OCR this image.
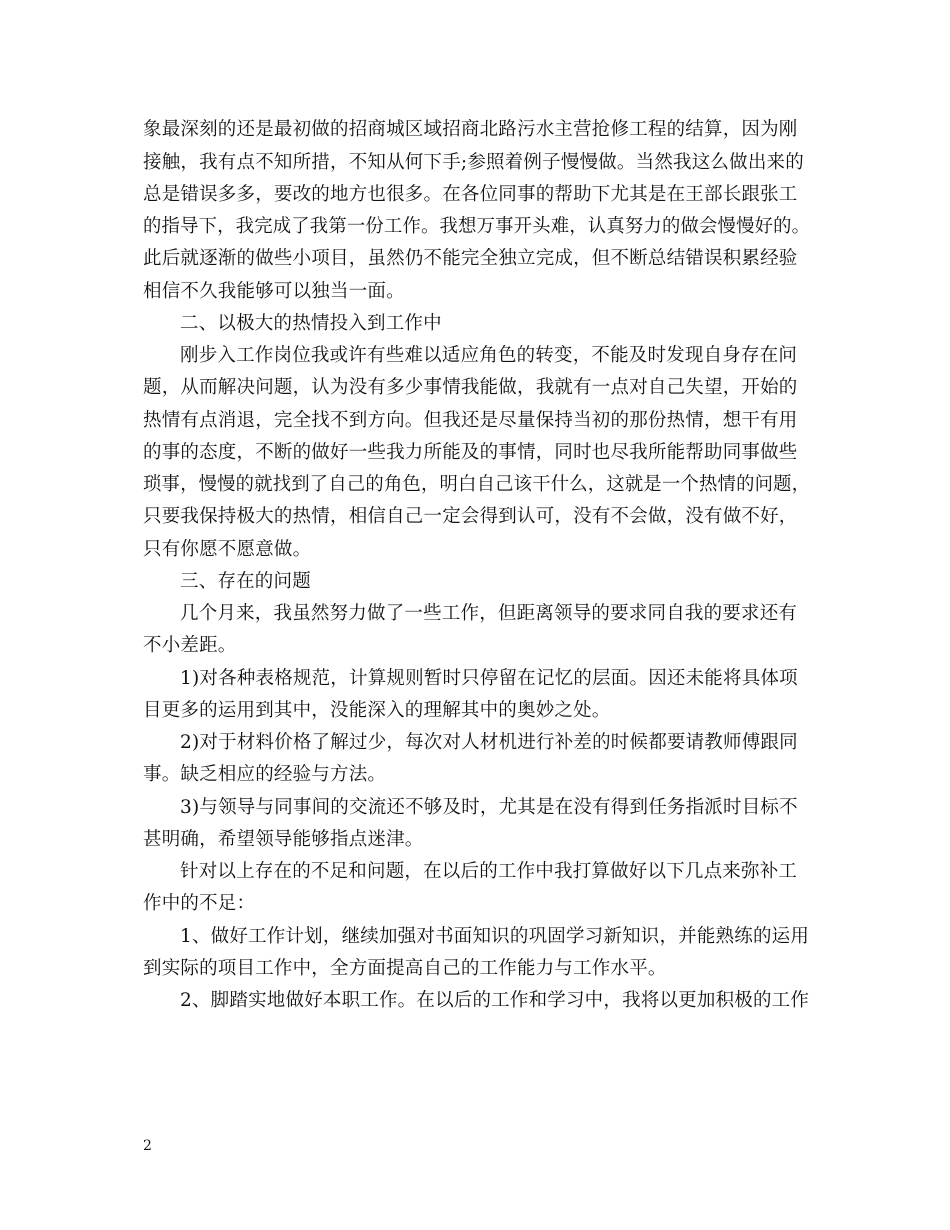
象最深刻的还是最初做的招商城区域招商北路污水主营抢修工程的结算，因为刚
接触，我有点不知所措，不知从何下手;参照着例子慢慢做。当然我这么做出来的
总是错误多多，要改的地方也很多。在各位同事的帮助下尤其是在王部长跟张工
的指导下，我完成了我第一份工作。我想万事开头难，认真努力的做会慢慢好的。
此后就逐渐的做些小项目，虽然仍不能完全独立完成，但不断总结错误积累经验
相信不久我能够可以独当一面。
二、以极大的热情投入到工作中
刚步入工作岗位我或许有些难以适应角色的转变，不能及时发现自身存在问
题，从而解决问题，认为没有多少事情我能做，我就有一点对自己失望，开始的
热情有点消退，完全找不到方向。但我还是尽量保持当初的那份热情，想干有用
的事的态度，不断的做好一些我力所能及的事情，同时也尽我所能帮助同事做些
琐事，慢慢的就找到了自己的角色，明白自己该干什么，这就是一个热情的问题，
只要我保持极大的热情，相信自己一定会得到认可，没有不会做，没有做不好，
只有你愿不愿意做。
三、存在的问题
几个月来，我虽然努力做了一些工作，但距离领导的要求同自我的要求还有
不小差距。
1)对各种表格规范，计算规则暂时只停留在记忆的层面。因还未能将具体项
目更多的运用到其中，没能深入的理解其中的奥妙之处。
2)对于材料价格了解过少，每次对人材机进行补差的时候都要请教师傅跟同
事。缺乏相应的经验与方法。
3)与领导与同事间的交流还不够及时，尤其是在没有得到任务指派时目标不
甚明确，希望领导能够指点迷津。
针对以上存在的不足和问题，在以后的工作中我打算做好以下几点来弥补工
作中的不足：
1、做好工作计划，继续加强对书面知识的巩固学习新知识，并能熟练的运用
到实际的项目工作中，全方面提高自己的工作能力与工作水平。
2、脚踏实地做好本职工作。在以后的工作和学习中，我将以更加积极的工作
2
